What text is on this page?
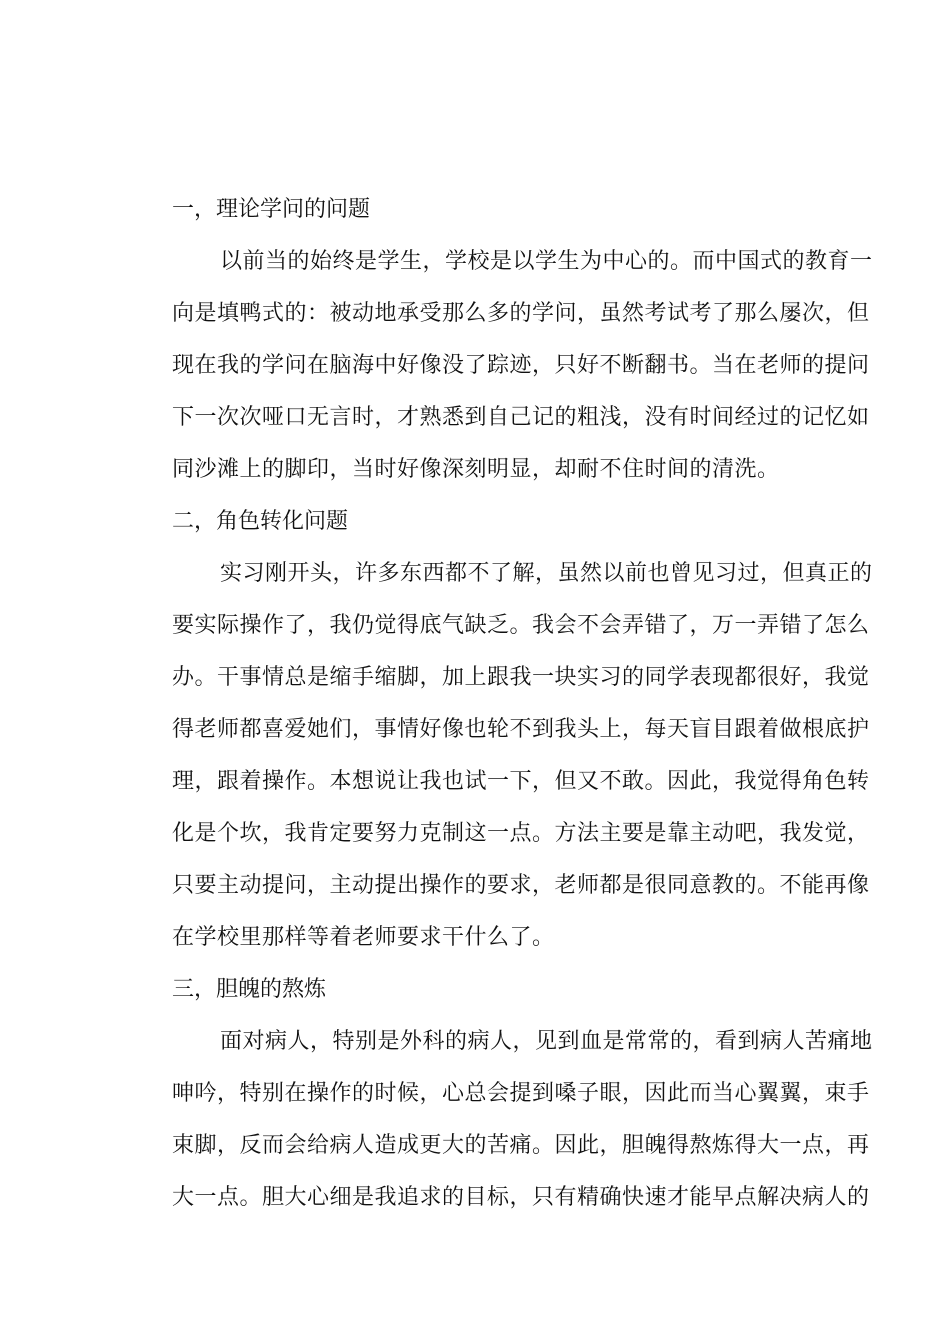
一，理论学问的问题
以前当的始终是学生，学校是以学生为中心的。而中国式的教育一
向是填鸭式的：被动地承受那么多的学问，虽然考试考了那么屡次，但
现在我的学问在脑海中好像没了踪迹，只好不断翻书。当在老师的提问
下一次次哑口无言时，才熟悉到自己记的粗浅，没有时间经过的记忆如
同沙滩上的脚印，当时好像深刻明显，却耐不住时间的清洗。
二，角色转化问题
实习刚开头，许多东西都不了解，虽然以前也曾见习过，但真正的
要实际操作了，我仍觉得底气缺乏。我会不会弄错了，万一弄错了怎么
办。干事情总是缩手缩脚，加上跟我一块实习的同学表现都很好，我觉
得老师都喜爱她们，事情好像也轮不到我头上，每天盲目跟着做根底护
理，跟着操作。本想说让我也试一下，但又不敢。因此，我觉得角色转
化是个坎，我肯定要努力克制这一点。方法主要是靠主动吧，我发觉，
只要主动提问，主动提出操作的要求，老师都是很同意教的。不能再像
在学校里那样等着老师要求干什么了。
三，胆魄的熬炼
面对病人，特别是外科的病人，见到血是常常的，看到病人苦痛地
呻吟，特别在操作的时候，心总会提到嗓子眼，因此而当心翼翼，束手
束脚，反而会给病人造成更大的苦痛。因此，胆魄得熬炼得大一点，再
大一点。胆大心细是我追求的目标，只有精确快速才能早点解决病人的
